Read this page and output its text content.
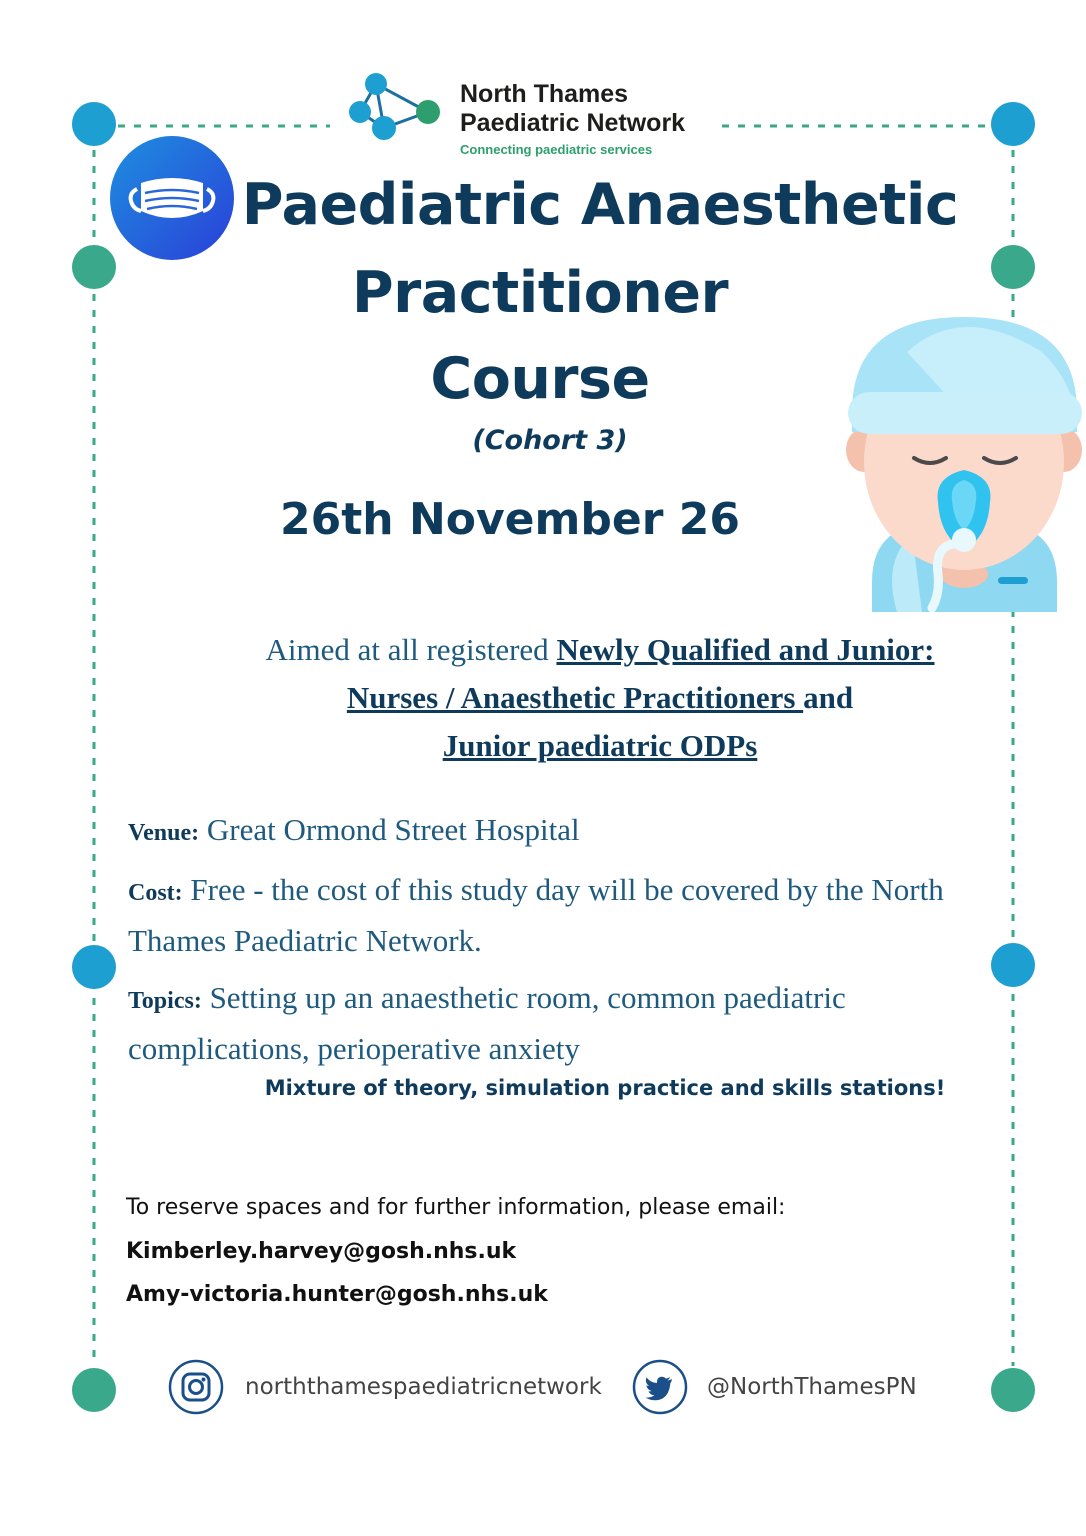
North Thames
Paediatric Network
Connecting paediatric services
Paediatric Anaesthetic
Practitioner
Course
(Cohort 3)
26th November 26
Aimed at all registered Newly Qualified and Junior:
Nurses / Anaesthetic Practitioners and
Junior paediatric ODPs
Venue: Great Ormond Street Hospital
Cost: Free - the cost of this study day will be covered by the North Thames Paediatric Network.
Topics: Setting up an anaesthetic room, common paediatric complications, perioperative anxiety
Mixture of theory, simulation practice and skills stations!
To reserve spaces and for further information, please email:
Kimberley.harvey@gosh.nhs.uk
Amy-victoria.hunter@gosh.nhs.uk
norththamespaediatricnetwork	@NorthThamesPN
